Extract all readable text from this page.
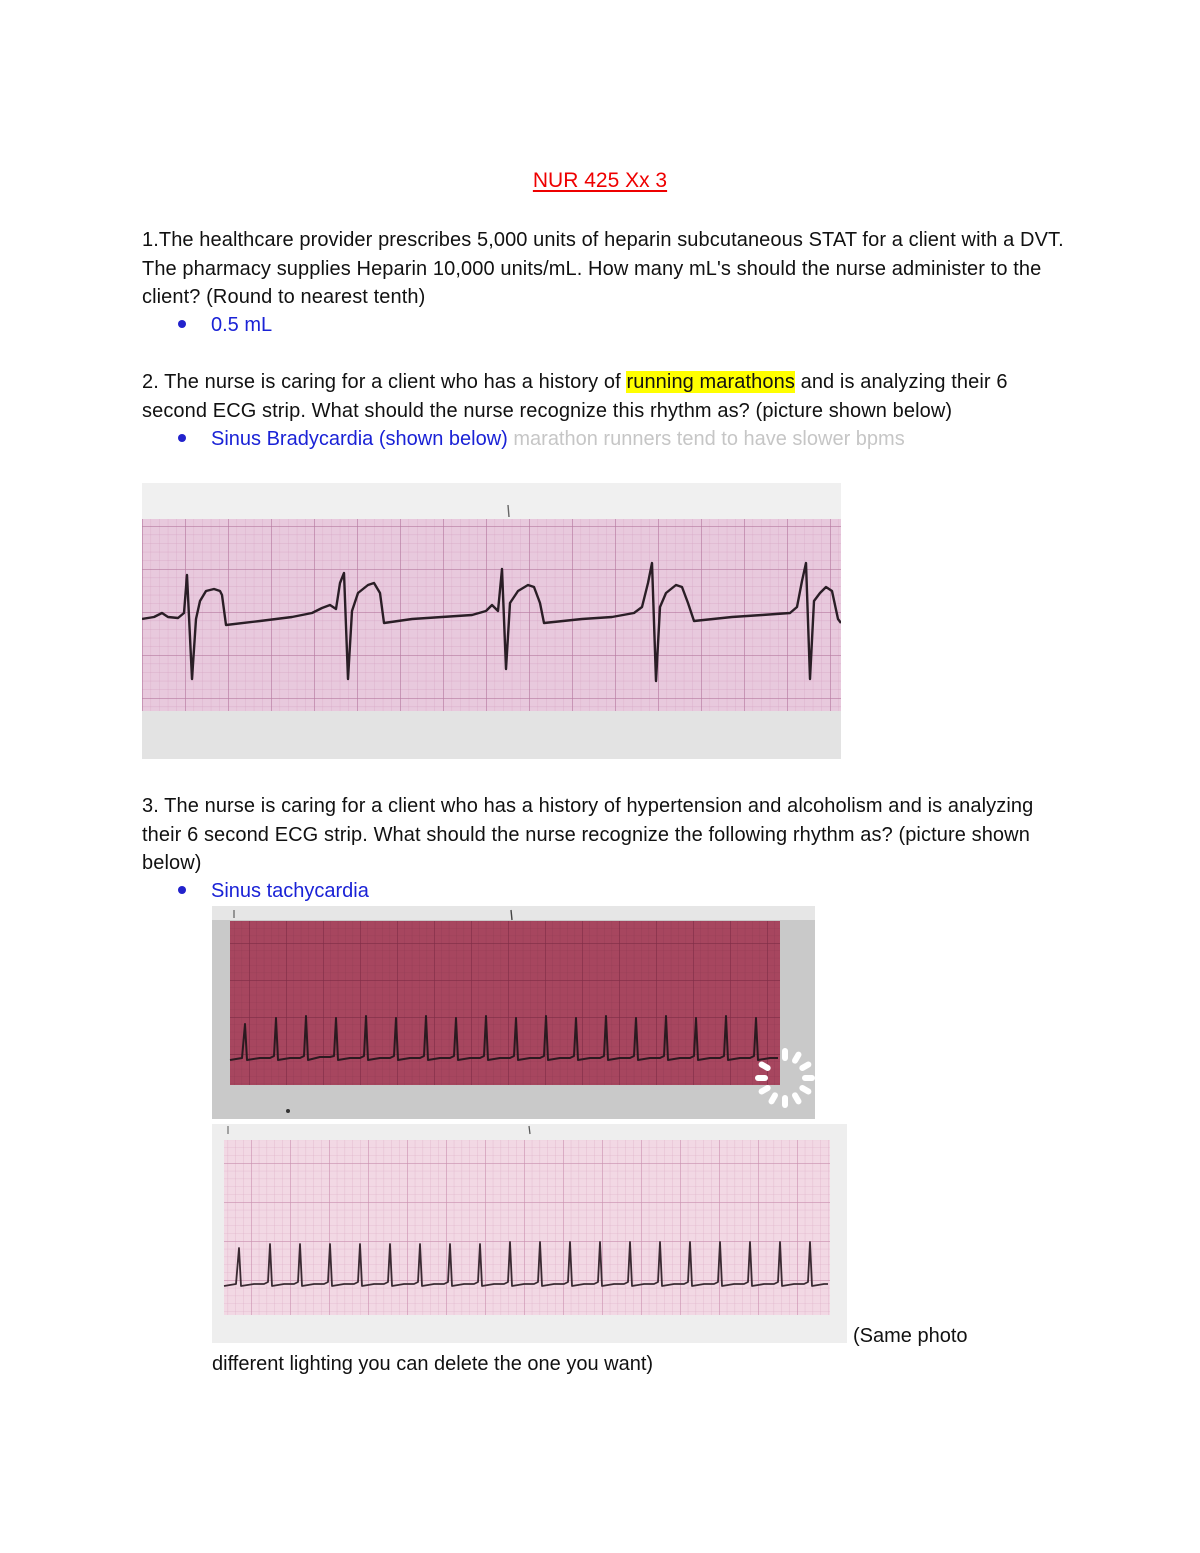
NUR 425 Xx 3
1.The healthcare provider prescribes 5,000 units of heparin subcutaneous STAT for a client with a DVT. The pharmacy supplies Heparin 10,000 units/mL. How many mL's should the nurse administer to the client? (Round to nearest tenth)
0.5 mL
2. The nurse is caring for a client who has a history of running marathons and is analyzing their 6 second ECG strip. What should the nurse recognize this rhythm as? (picture shown below)
Sinus Bradycardia (shown below) marathon runners tend to have slower bpms
3. The nurse is caring for a client who has a history of hypertension and alcoholism and is analyzing their 6 second ECG strip. What should the nurse recognize the following rhythm as? (picture shown below)
Sinus tachycardia
(Same photo
different lighting you can delete the one you want)
